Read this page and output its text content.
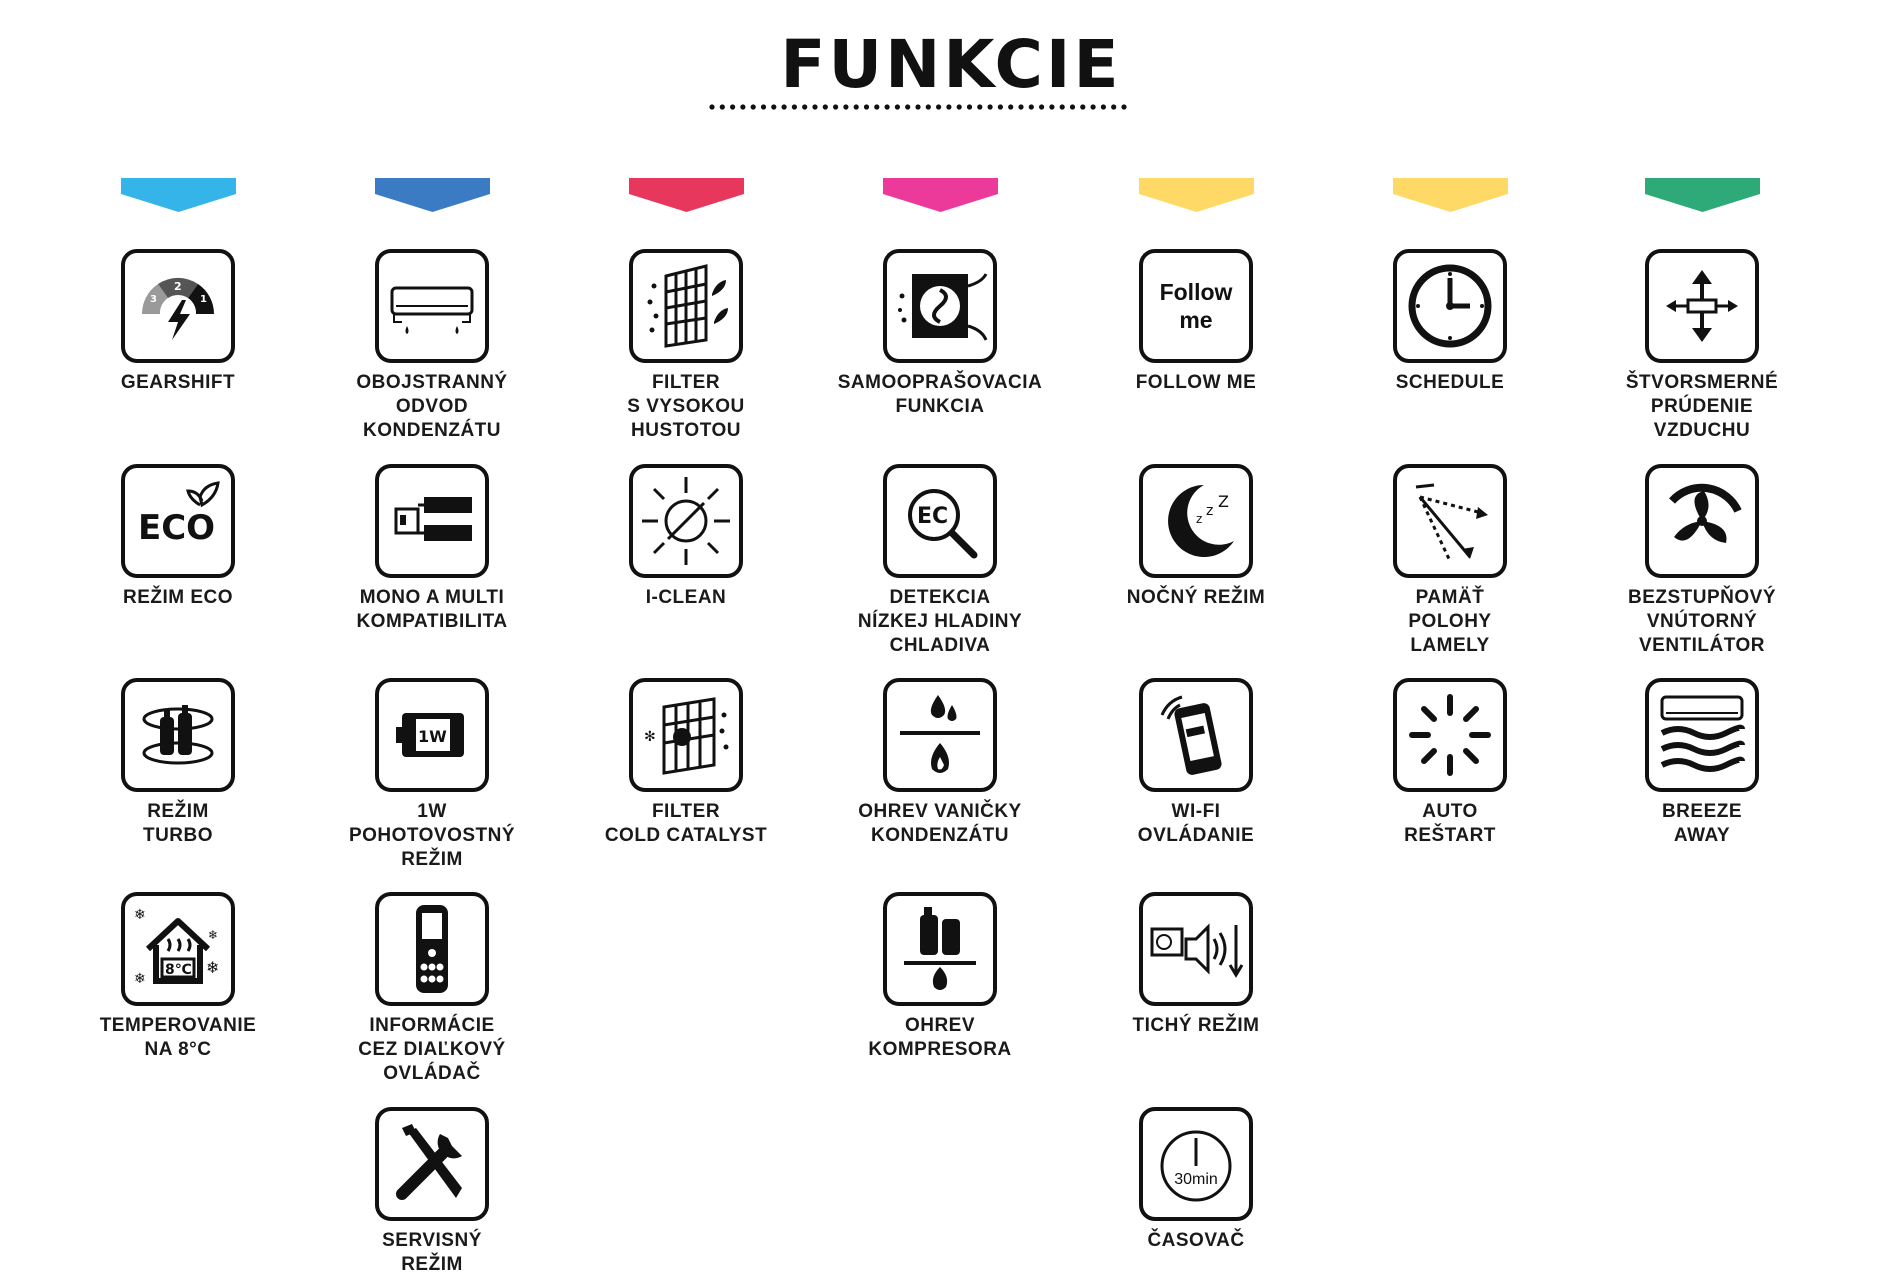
FUNKCIE
3
2
1
GEARSHIFT
ECO
REŽIM ECO
REŽIM
TURBO
8℃
❄
❄
❄
❄
TEMPEROVANIE
NA 8°C
OBOJSTRANNÝ
ODVOD
KONDENZÁTU
MONO A MULTI
KOMPATIBILITA
1W
1W
POHOTOVOSTNÝ
REŽIM
INFORMÁCIE
CEZ DIAĽKOVÝ
OVLÁDAČ
SERVISNÝ
REŽIM
FILTER
S VYSOKOU
HUSTOTOU
I-CLEAN
✻
FILTER
COLD CATALYST
SAMOOPRAŠOVACIA
FUNKCIA
EC
DETEKCIA
NÍZKEJ HLADINY
CHLADIVA
OHREV VANIČKY
KONDENZÁTU
OHREV
KOMPRESORA
Follow
me
FOLLOW ME
z z Z
NOČNÝ REŽIM
WI-FI
OVLÁDANIE
TICHÝ REŽIM
30min
ČASOVAČ
SCHEDULE
PAMÄŤ
POLOHY
LAMELY
AUTO
REŠTART
ŠTVORSMERNÉ
PRÚDENIE
VZDUCHU
BEZSTUPŇOVÝ
VNÚTORNÝ
VENTILÁTOR
BREEZE
AWAY
